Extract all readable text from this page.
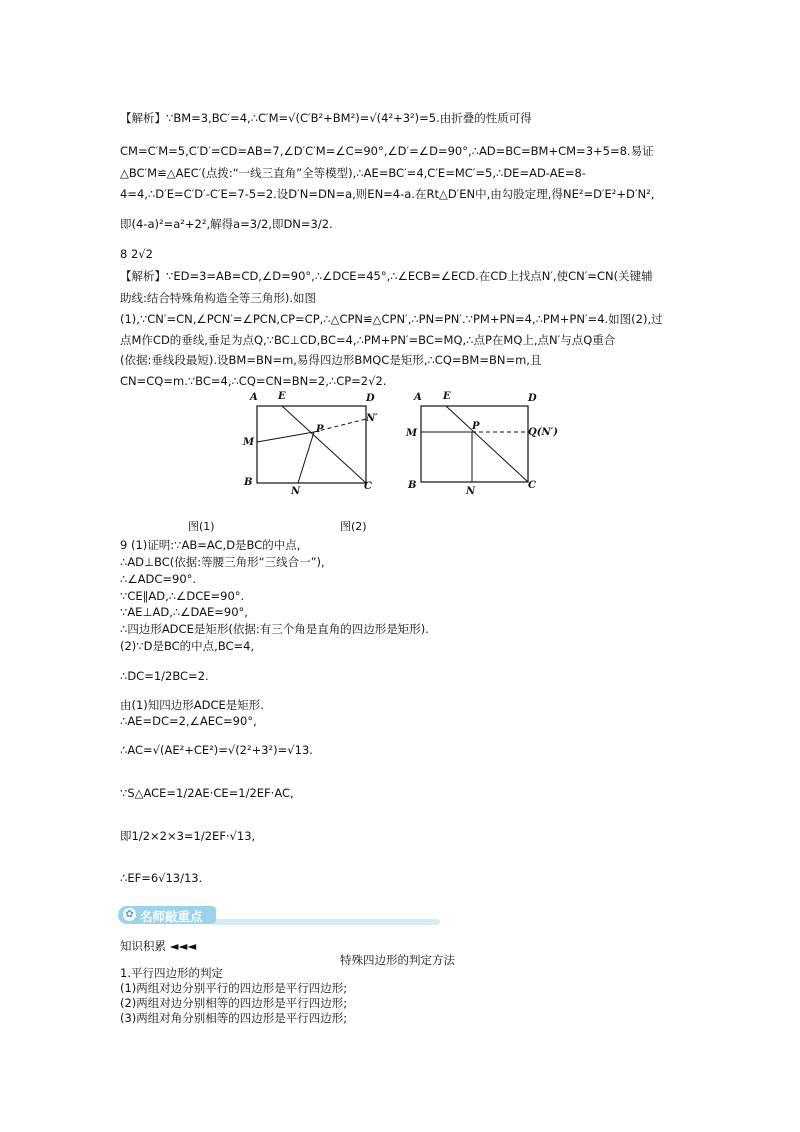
【解析】∵BM=3,BC′=4,∴C′M=√(C′B²+BM²)=√(4²+3²)=5.由折叠的性质可得
CM=C′M=5,C′D′=CD=AB=7,∠D′C′M=∠C=90°,∠D′=∠D=90°,∴AD=BC=BM+CM=3+5=8.易证
△BC′M≌△AEC′(点拨:“一线三直角”全等模型),∴AE=BC′=4,C′E=MC′=5,∴DE=AD-AE=8-
4=4,∴D′E=C′D′-C′E=7-5=2.设D′N=DN=a,则EN=4-a.在Rt△D′EN中,由勾股定理,得NE²=D′E²+D′N²,
即(4-a)²=a²+2²,解得a=3/2,即DN=3/2.
8 2√2
【解析】∵ED=3=AB=CD,∠D=90°,∴∠DCE=45°,∴∠ECB=∠ECD.在CD上找点N′,使CN′=CN(关键辅
助线:结合特殊角构造全等三角形).如图
(1),∵CN′=CN,∠PCN′=∠PCN,CP=CP,∴△CPN≌△CPN′,∴PN=PN′.∵PM+PN=4,∴PM+PN′=4.如图(2),过
点M作CD的垂线,垂足为点Q,∵BC⊥CD,BC=4,∴PM+PN′=BC=MQ,∴点P在MQ上,点N′与点Q重合
(依据:垂线段最短).设BM=BN=m,易得四边形BMQC是矩形,∴CQ=BM=BN=m,且
CN=CQ=m.∵BC=4,∴CQ=CN=BN=2,∴CP=2√2.
A E	D
N′
M
P
B
N	C
A E	D
M
P
Q(N′)
B
N
C
图(1)	图(2)
9 (1)证明:∵AB=AC,D是BC的中点,
∴AD⊥BC(依据:等腰三角形“三线合一”),
∴∠ADC=90°.
∵CE∥AD,∴∠DCE=90°.
∵AE⊥AD,∴∠DAE=90°,
∴四边形ADCE是矩形(依据:有三个角是直角的四边形是矩形).
(2)∵D是BC的中点,BC=4,
∴DC=1/2BC=2.
由(1)知四边形ADCE是矩形.
∴AE=DC=2,∠AEC=90°,
∴AC=√(AE²+CE²)=√(2²+3²)=√13.
∵S△ACE=1/2AE·CE=1/2EF·AC,
即1/2×2×3=1/2EF·√13,
∴EF=6√13/13.
✿ 名师敲重点
知识积累 ◄◄◄
特殊四边形的判定方法
1.平行四边形的判定
(1)两组对边分别平行的四边形是平行四边形;
(2)两组对边分别相等的四边形是平行四边形;
(3)两组对角分别相等的四边形是平行四边形;
